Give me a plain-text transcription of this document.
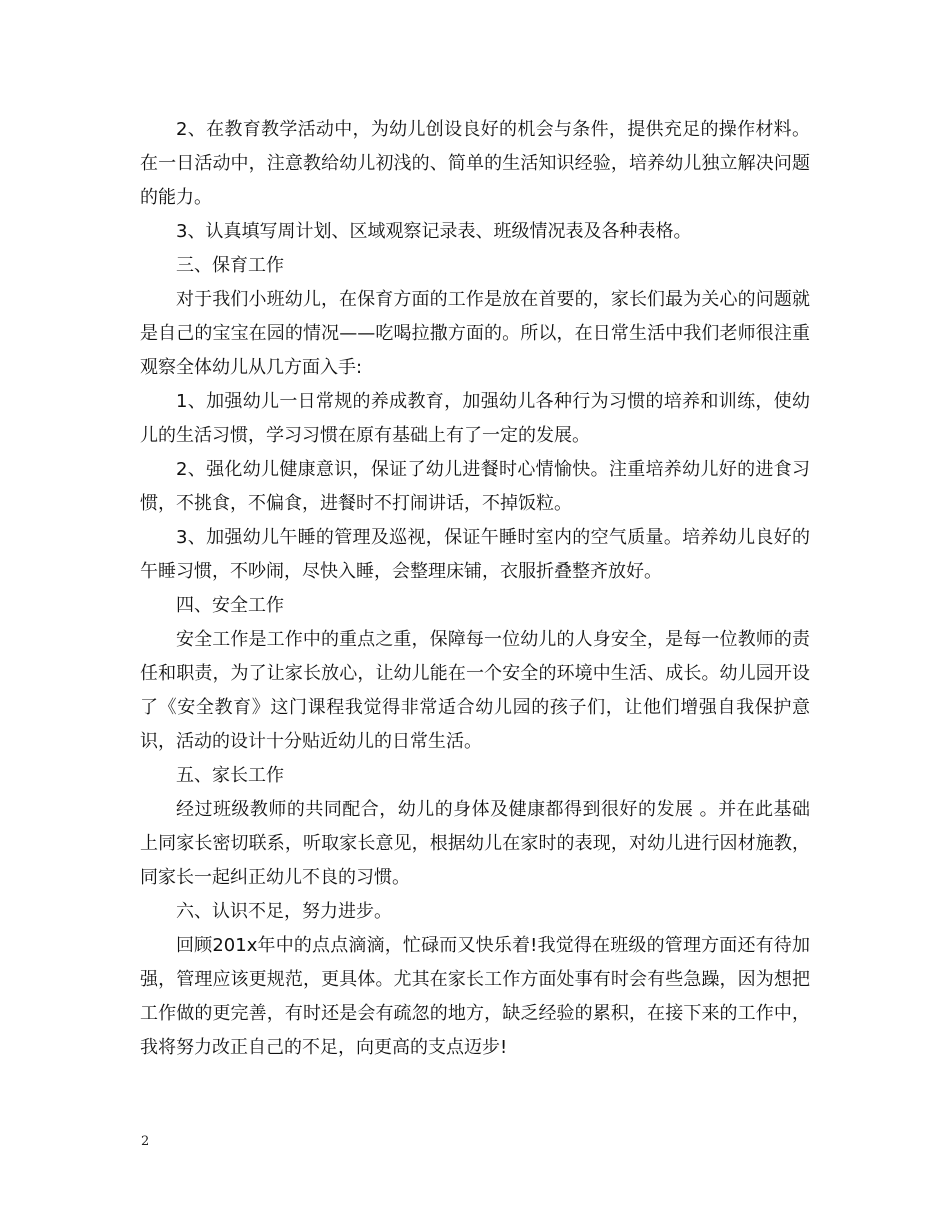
2、在教育教学活动中，为幼儿创设良好的机会与条件，提供充足的操作材料。在一日活动中，注意教给幼儿初浅的、简单的生活知识经验，培养幼儿独立解决问题的能力。

3、认真填写周计划、区域观察记录表、班级情况表及各种表格。

三、保育工作

对于我们小班幼儿，在保育方面的工作是放在首要的，家长们最为关心的问题就是自己的宝宝在园的情况——吃喝拉撒方面的。所以，在日常生活中我们老师很注重观察全体幼儿从几方面入手:

1、加强幼儿一日常规的养成教育，加强幼儿各种行为习惯的培养和训练，使幼儿的生活习惯，学习习惯在原有基础上有了一定的发展。

2、强化幼儿健康意识，保证了幼儿进餐时心情愉快。注重培养幼儿好的进食习惯，不挑食，不偏食，进餐时不打闹讲话，不掉饭粒。

3、加强幼儿午睡的管理及巡视，保证午睡时室内的空气质量。培养幼儿良好的午睡习惯，不吵闹，尽快入睡，会整理床铺，衣服折叠整齐放好。

四、安全工作

安全工作是工作中的重点之重，保障每一位幼儿的人身安全，是每一位教师的责任和职责，为了让家长放心，让幼儿能在一个安全的环境中生活、成长。幼儿园开设了《安全教育》这门课程我觉得非常适合幼儿园的孩子们，让他们增强自我保护意识，活动的设计十分贴近幼儿的日常生活。

五、家长工作

经过班级教师的共同配合，幼儿的身体及健康都得到很好的发展 。并在此基础上同家长密切联系，听取家长意见，根据幼儿在家时的表现，对幼儿进行因材施教，同家长一起纠正幼儿不良的习惯。

六、认识不足，努力进步。

回顾201x年中的点点滴滴，忙碌而又快乐着!我觉得在班级的管理方面还有待加强，管理应该更规范，更具体。尤其在家长工作方面处事有时会有些急躁，因为想把工作做的更完善，有时还是会有疏忽的地方，缺乏经验的累积，在接下来的工作中，我将努力改正自己的不足，向更高的支点迈步!

2
